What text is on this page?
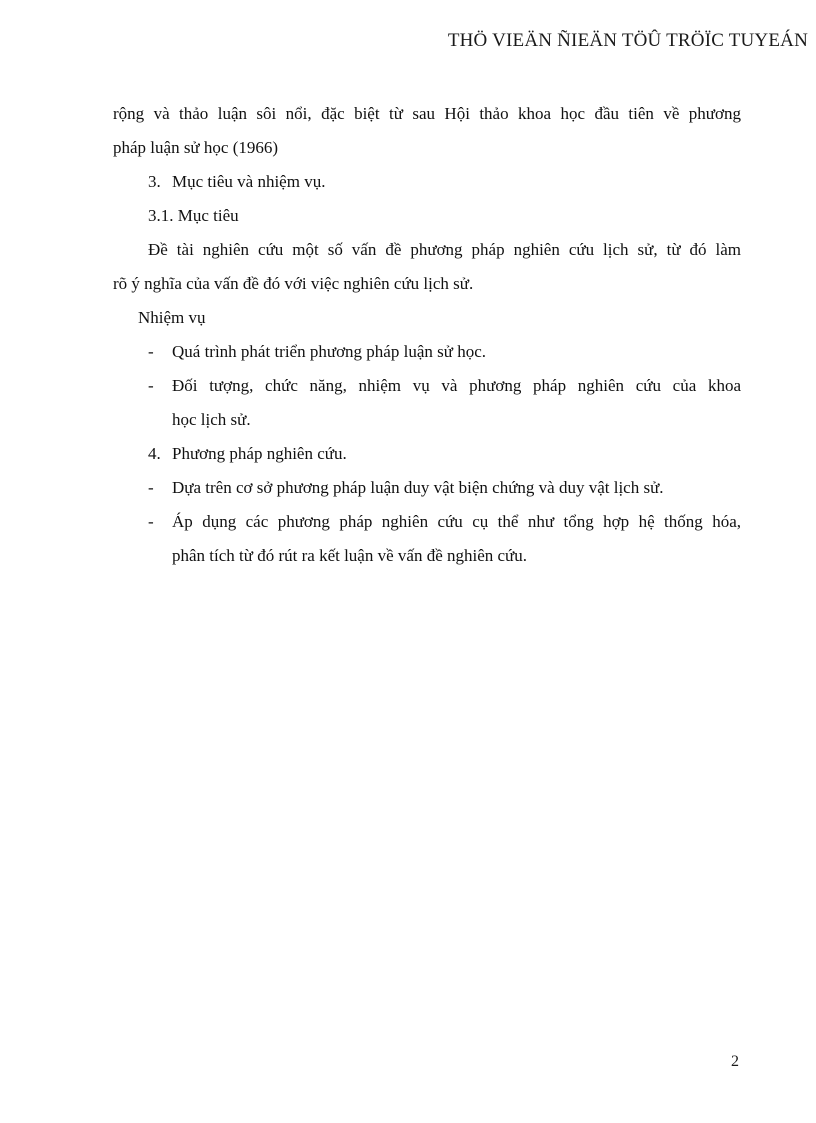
THÖ VIEÄN ÑIEÄN TÖÛ TRÖÏC TUYEÁN

rộng và thảo luận sôi nổi, đặc biệt từ sau Hội thảo khoa học đầu tiên về phương

pháp luận sử học (1966)

3. Mục tiêu và nhiệm vụ.

3.1. Mục tiêu

Đề tài nghiên cứu một số vấn đề phương pháp nghiên cứu lịch sử, từ đó làm

rõ ý nghĩa của vấn đề đó với việc nghiên cứu lịch sử.

Nhiệm vụ

- Quá trình phát triển phương pháp luận sử học.

- Đối tượng, chức năng, nhiệm vụ và phương pháp nghiên cứu của khoa

học lịch sử.

4. Phương pháp nghiên cứu.

- Dựa trên cơ sở phương pháp luận duy vật biện chứng và duy vật lịch sử.

- Áp dụng các phương pháp nghiên cứu cụ thể như tổng hợp hệ thống hóa,

phân tích từ đó rút ra kết luận về vấn đề nghiên cứu.

2
